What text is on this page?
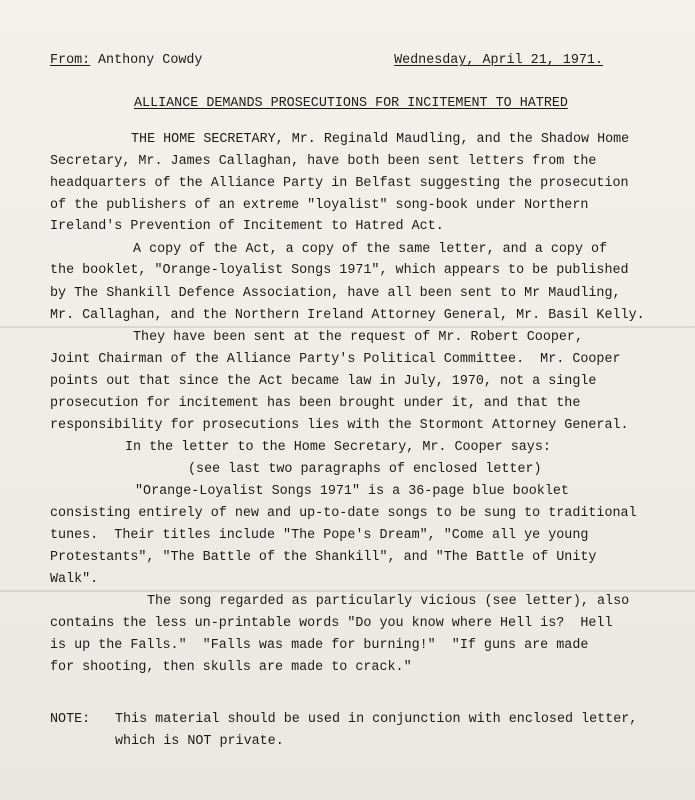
From: Anthony Cowdy	Wednesday, April 21, 1971.
ALLIANCE DEMANDS PROSECUTIONS FOR INCITEMENT TO HATRED
THE HOME SECRETARY, Mr. Reginald Maudling, and the Shadow Home
Secretary, Mr. James Callaghan, have both been sent letters from the
headquarters of the Alliance Party in Belfast suggesting the prosecution
of the publishers of an extreme "loyalist" song-book under Northern
Ireland's Prevention of Incitement to Hatred Act.
A copy of the Act, a copy of the same letter, and a copy of
the booklet, "Orange-loyalist Songs 1971", which appears to be published
by The Shankill Defence Association, have all been sent to Mr Maudling,
Mr. Callaghan, and the Northern Ireland Attorney General, Mr. Basil Kelly.
They have been sent at the request of Mr. Robert Cooper,
Joint Chairman of the Alliance Party's Political Committee.  Mr. Cooper
points out that since the Act became law in July, 1970, not a single
prosecution for incitement has been brought under it, and that the
responsibility for prosecutions lies with the Stormont Attorney General.
In the letter to the Home Secretary, Mr. Cooper says:
(see last two paragraphs of enclosed letter)
"Orange-Loyalist Songs 1971" is a 36-page blue booklet
consisting entirely of new and up-to-date songs to be sung to traditional
tunes.  Their titles include "The Pope's Dream", "Come all ye young
Protestants", "The Battle of the Shankill", and "The Battle of Unity
Walk".
The song regarded as particularly vicious (see letter), also
contains the less un-printable words "Do you know where Hell is?  Hell
is up the Falls."  "Falls was made for burning!"  "If guns are made
for shooting, then skulls are made to crack."
NOTE: This material should be used in conjunction with enclosed letter,
which is NOT private.
